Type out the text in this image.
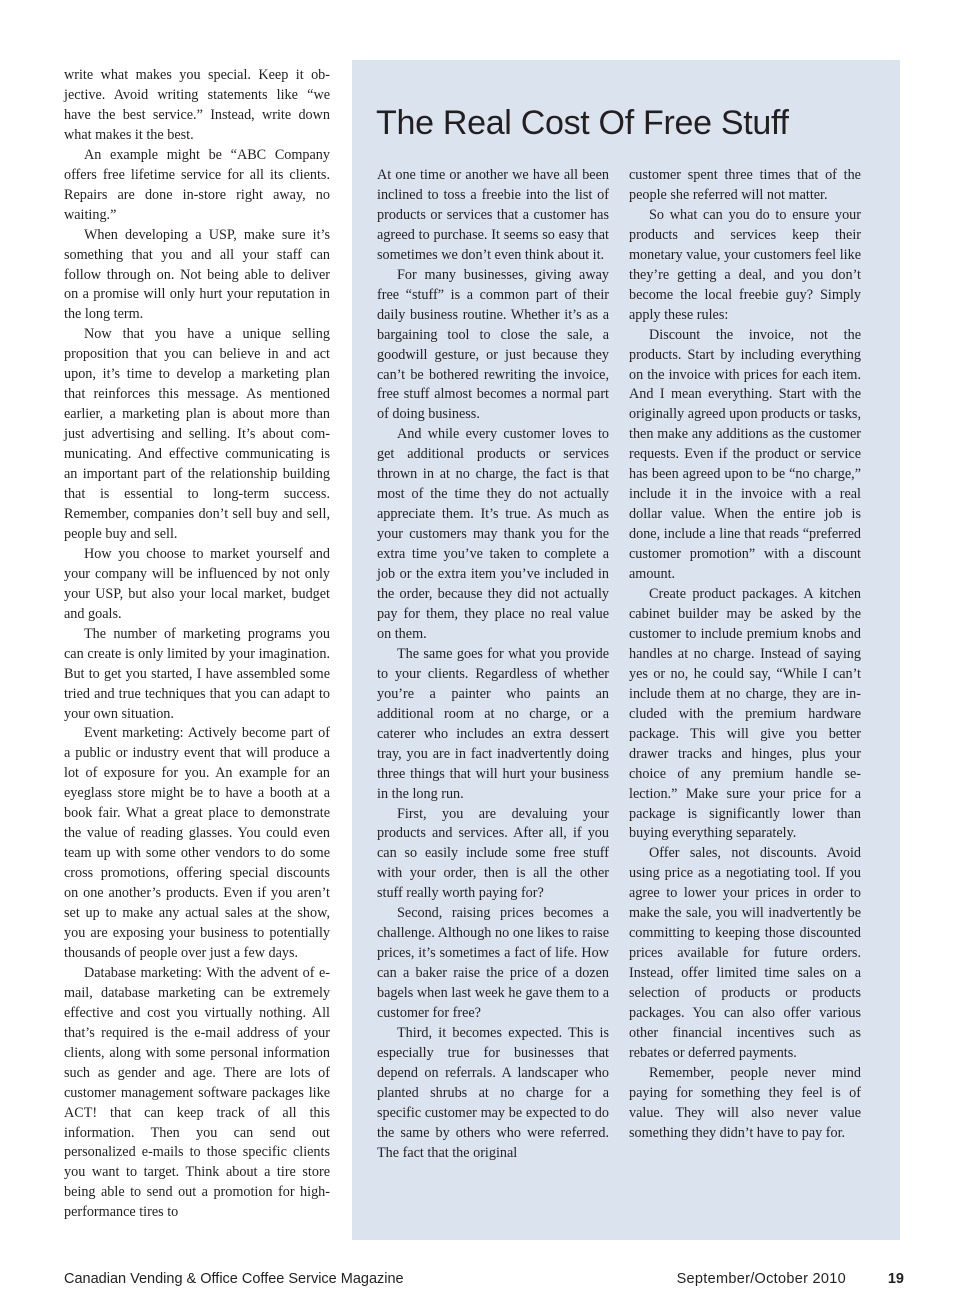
write what makes you special. Keep it objective. Avoid writing statements like “we have the best service.” Instead, write down what makes it the best.

An example might be “ABC Company offers free lifetime service for all its clients. Repairs are done in-store right away, no waiting.”

When developing a USP, make sure it’s something that you and all your staff can follow through on. Not being able to deliver on a promise will only hurt your reputation in the long term.

Now that you have a unique selling proposition that you can believe in and act upon, it’s time to develop a marketing plan that reinforces this message. As mentioned earlier, a marketing plan is about more than just advertising and selling. It’s about communicating. And effective communicating is an important part of the relationship building that is essential to long-term success. Remember, companies don’t sell buy and sell, people buy and sell.

How you choose to market yourself and your company will be influenced by not only your USP, but also your local market, budget and goals.

The number of marketing programs you can create is only limited by your imagination. But to get you started, I have assembled some tried and true techniques that you can adapt to your own situation.

Event marketing: Actively become part of a public or industry event that will produce a lot of exposure for you. An example for an eyeglass store might be to have a booth at a book fair. What a great place to demonstrate the value of reading glasses. You could even team up with some other vendors to do some cross promotions, offering special discounts on one another’s products. Even if you aren’t set up to make any actual sales at the show, you are exposing your business to potentially thousands of people over just a few days.

Database marketing: With the advent of e-mail, database marketing can be extremely effective and cost you virtually nothing. All that’s required is the e-mail address of your clients, along with some personal information such as gender and age. There are lots of customer management software packages like ACT! that can keep track of all this information. Then you can send out personalized e-mails to those specific clients you want to target. Think about a tire store being able to send out a promotion for high-performance tires to

The Real Cost Of Free Stuff

At one time or another we have all been inclined to toss a freebie into the list of products or services that a customer has agreed to purchase. It seems so easy that sometimes we don’t even think about it.

For many businesses, giving away free “stuff” is a common part of their daily business routine. Whether it’s as a bargaining tool to close the sale, a goodwill gesture, or just because they can’t be bothered rewriting the invoice, free stuff almost becomes a normal part of doing business.

And while every customer loves to get additional products or services thrown in at no charge, the fact is that most of the time they do not actually appreciate them. It’s true. As much as your customers may thank you for the extra time you’ve taken to complete a job or the extra item you’ve included in the order, because they did not actually pay for them, they place no real value on them.

The same goes for what you provide to your clients. Regardless of whether you’re a painter who paints an additional room at no charge, or a caterer who includes an extra dessert tray, you are in fact inadvertently doing three things that will hurt your business in the long run.

First, you are devaluing your products and services. After all, if you can so easily include some free stuff with your order, then is all the other stuff really worth paying for?

Second, raising prices becomes a challenge. Although no one likes to raise prices, it’s sometimes a fact of life. How can a baker raise the price of a dozen bagels when last week he gave them to a customer for free?

Third, it becomes expected. This is especially true for businesses that depend on referrals. A landscaper who planted shrubs at no charge for a specific customer may be expected to do the same by others who were referred. The fact that the original

customer spent three times that of the people she referred will not matter.

So what can you do to ensure your products and services keep their monetary value, your customers feel like they’re getting a deal, and you don’t become the local freebie guy? Simply apply these rules:

Discount the invoice, not the products. Start by including everything on the invoice with prices for each item. And I mean everything. Start with the originally agreed upon products or tasks, then make any additions as the customer requests. Even if the product or service has been agreed upon to be “no charge,” include it in the invoice with a real dollar value. When the entire job is done, include a line that reads “preferred customer promotion” with a discount amount.

Create product packages. A kitchen cabinet builder may be asked by the customer to include premium knobs and handles at no charge. Instead of saying yes or no, he could say, “While I can’t include them at no charge, they are included with the premium hardware package. This will give you better drawer tracks and hinges, plus your choice of any premium handle selection.” Make sure your price for a package is significantly lower than buying everything separately.

Offer sales, not discounts. Avoid using price as a negotiating tool. If you agree to lower your prices in order to make the sale, you will inadvertently be committing to keeping those discounted prices available for future orders. Instead, offer limited time sales on a selection of products or products packages. You can also offer various other financial incentives such as rebates or deferred payments.

Remember, people never mind paying for something they feel is of value. They will also never value something they didn’t have to pay for.

Canadian Vending & Office Coffee Service Magazine	September/October 2010	19
